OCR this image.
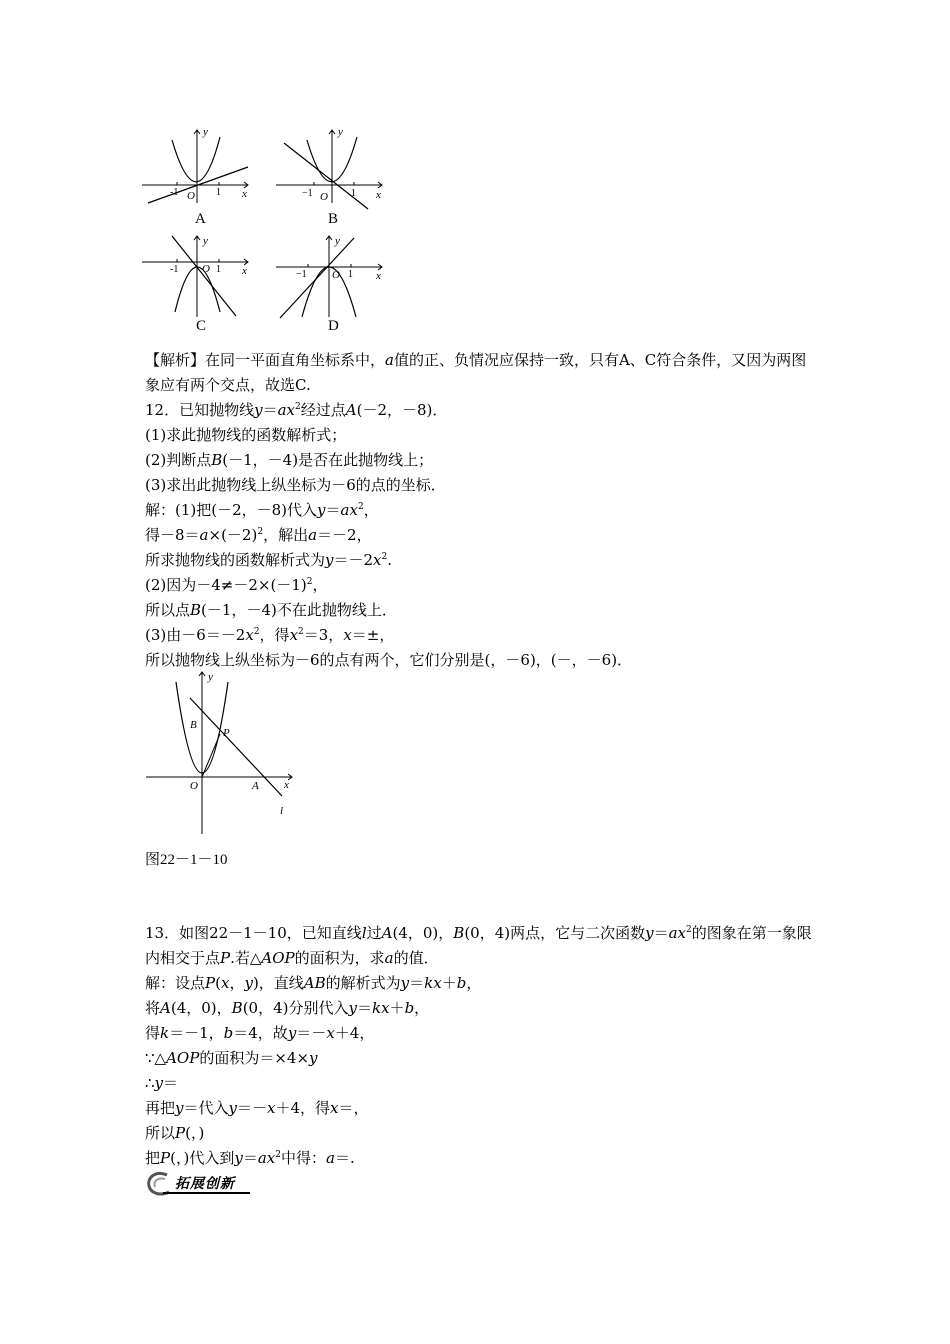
y
x
O
-1	1
A
y
x
O
−1	1
B
y
x
O
-1	1
C
y
x
O
−1	1
D
【解析】在同一平面直角坐标系中，a值的正、负情况应保持一致，只有A、C符合条件，又因为两图象应有两个交点，故选C.
12．已知抛物线$y=ax^2$经过点A(－2，－8)．
(1)求此抛物线的函数解析式；
(2)判断点B(－1，－4)是否在此抛物线上；
(3)求出此抛物线上纵坐标为－6的点的坐标．
解：(1)把(－2，－8)代入$y=ax^2$，
得$-8=a\times(-2)^2$，解出a＝－2，
所求抛物线的函数解析式为$y=-2x^2$.
(2)因为$-4\ne-2\times(-1)^2$，
所以点B(－1，－4)不在此抛物线上．
(3)由$-6=-2x^2$，得$x^2=3$，x＝±，
所以抛物线上纵坐标为－6的点有两个，它们分别是(，－6)，(－，－6)．
y
x
O	A
B
P
l
图22－1－10
13．如图22－1－10，已知直线l过A(4，0)，B(0，4)两点，它与二次函数$y=ax^2$的图象在第一象限内相交于点P.若△AOP的面积为，求a的值．
解：设点P(x，y)，直线AB的解析式为y＝kx＋b，
将A(4，0)，B(0，4)分别代入y＝kx＋b，
得k＝－1，b＝4，故y＝－x＋4，
∵△AOP的面积为＝×4×y
∴y＝
再把y＝代入y＝－x＋4，得x＝，
所以P(，)
把P(，)代入到$y=ax^2$中得：a＝.
拓展创新
